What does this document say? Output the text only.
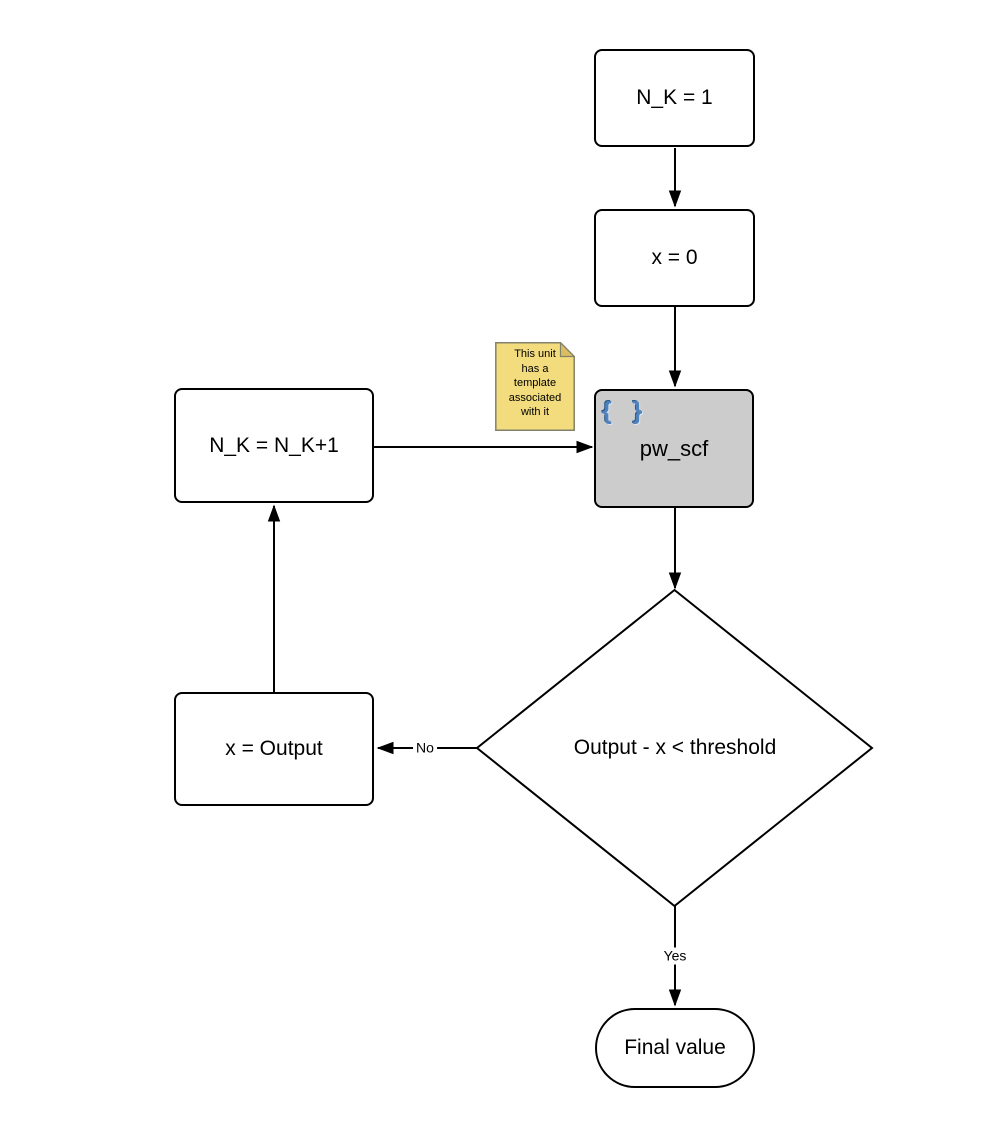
N_K = 1
x = 0
N_K = N_K+1
{ }
pw_scf
x = Output	Output - x < threshold
Final value
No
Yes
This unit has a template associated with it
